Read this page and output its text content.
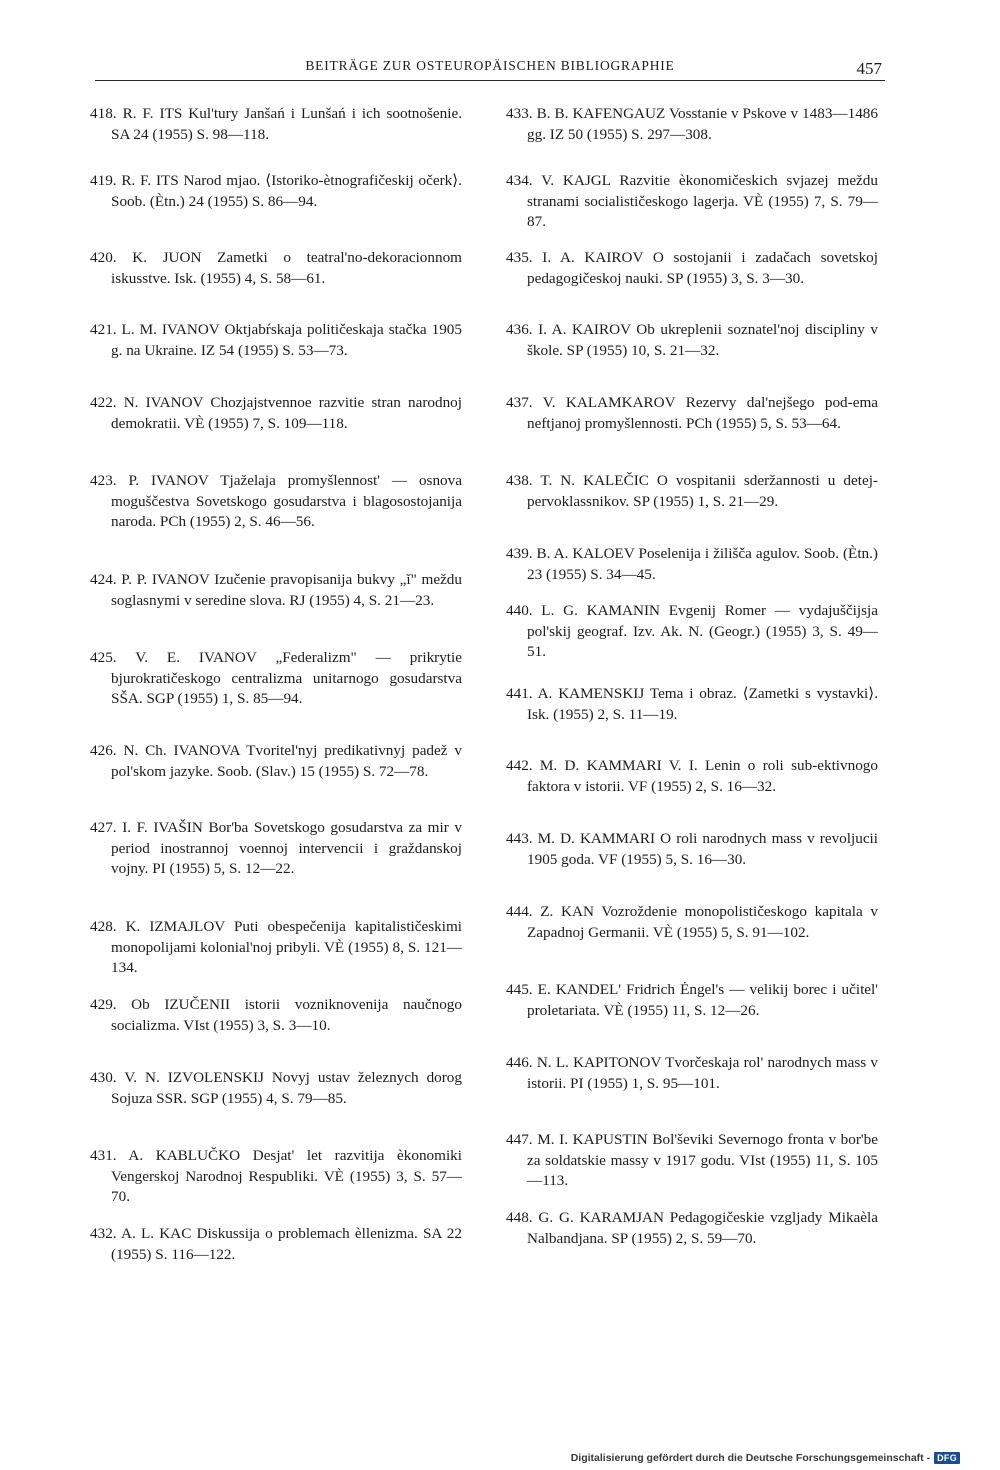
BEITRÄGE ZUR OSTEUROPÄISCHEN BIBLIOGRAPHIE	457
418. R. F. ITS Kul'tury Janšań i Lunšań i ich sootnošenie. SA 24 (1955) S. 98—118.
419. R. F. ITS Narod mjao. ⟨Istoriko-ètnografičeskij očerk⟩. Soob. (Ètn.) 24 (1955) S. 86—94.
420. K. JUON Zametki o teatral'no-dekoracionnom iskusstve. Isk. (1955) 4, S. 58—61.
421. L. M. IVANOV Oktjabŕskaja političeskaja stačka 1905 g. na Ukraine. IZ 54 (1955) S. 53—73.
422. N. IVANOV Chozjajstvennoe razvitie stran narodnoj demokratii. VÈ (1955) 7, S. 109—118.
423. P. IVANOV Tjaželaja promyšlennost' — osnova moguščestva Sovetskogo gosudarstva i blagosostojanija naroda. PCh (1955) 2, S. 46—56.
424. P. P. IVANOV Izučenie pravopisanija bukvy „ǐ" meždu soglasnymi v seredine slova. RJ (1955) 4, S. 21—23.
425. V. E. IVANOV „Federalizm" — prikrytie bjurokratičeskogo centralizma unitarnogo gosudarstva SŠA. SGP (1955) 1, S. 85—94.
426. N. Ch. IVANOVA Tvoritel'nyj predikativnyj padež v pol'skom jazyke. Soob. (Slav.) 15 (1955) S. 72—78.
427. I. F. IVAŠIN Bor'ba Sovetskogo gosudarstva za mir v period inostrannoj voennoj intervencii i graždanskoj vojny. PI (1955) 5, S. 12—22.
428. K. IZMAJLOV Puti obespečenija kapitalističeskimi monopolijami kolonial'noj pribyli. VÈ (1955) 8, S. 121—134.
429. Ob IZUČENII istorii vozniknovenija naučnogo socializma. VIst (1955) 3, S. 3—10.
430. V. N. IZVOLENSKIJ Novyj ustav železnych dorog Sojuza SSR. SGP (1955) 4, S. 79—85.
431. A. KABLUČKO Desjat' let razvitija èkonomiki Vengerskoj Narodnoj Respubliki. VÈ (1955) 3, S. 57—70.
432. A. L. KAC Diskussija o problemach èllenizma. SA 22 (1955) S. 116—122.
433. B. B. KAFENGAUZ Vosstanie v Pskove v 1483—1486 gg. IZ 50 (1955) S. 297—308.
434. V. KAJGL Razvitie èkonomičeskich svjazej meždu stranami socialističeskogo lagerja. VÈ (1955) 7, S. 79—87.
435. I. A. KAIROV O sostojanii i zadačach sovetskoj pedagogičeskoj nauki. SP (1955) 3, S. 3—30.
436. I. A. KAIROV Ob ukreplenii soznatel'noj discipliny v škole. SP (1955) 10, S. 21—32.
437. V. KALAMKAROV Rezervy dal'nejšego pod-ema neftjanoj promyšlennosti. PCh (1955) 5, S. 53—64.
438. T. N. KALEČIC O vospitanii sderžannosti u detej-pervoklassnikov. SP (1955) 1, S. 21—29.
439. B. A. KALOEV Poselenija i žilišča agulov. Soob. (Ètn.) 23 (1955) S. 34—45.
440. L. G. KAMANIN Evgenij Romer — vydajuščijsja pol'skij geograf. Izv. Ak. N. (Geogr.) (1955) 3, S. 49—51.
441. A. KAMENSKIJ Tema i obraz. ⟨Zametki s vystavki⟩. Isk. (1955) 2, S. 11—19.
442. M. D. KAMMARI V. I. Lenin o roli sub-ektivnogo faktora v istorii. VF (1955) 2, S. 16—32.
443. M. D. KAMMARI O roli narodnych mass v revoljucii 1905 goda. VF (1955) 5, S. 16—30.
444. Z. KAN Vozroždenie monopolističeskogo kapitala v Zapadnoj Germanii. VÈ (1955) 5, S. 91—102.
445. E. KANDEL' Fridrich Ėngel's — velikij borec i učitel' proletariata. VÈ (1955) 11, S. 12—26.
446. N. L. KAPITONOV Tvorčeskaja rol' narodnych mass v istorii. PI (1955) 1, S. 95—101.
447. M. I. KAPUSTIN Bol'ševiki Severnogo fronta v bor'be za soldatskie massy v 1917 godu. VIst (1955) 11, S. 105—113.
448. G. G. KARAMJAN Pedagogičeskie vzgljady Mikaèla Nalbandjana. SP (1955) 2, S. 59—70.
Digitalisierung gefördert durch die Deutsche Forschungsgemeinschaft - DFG
